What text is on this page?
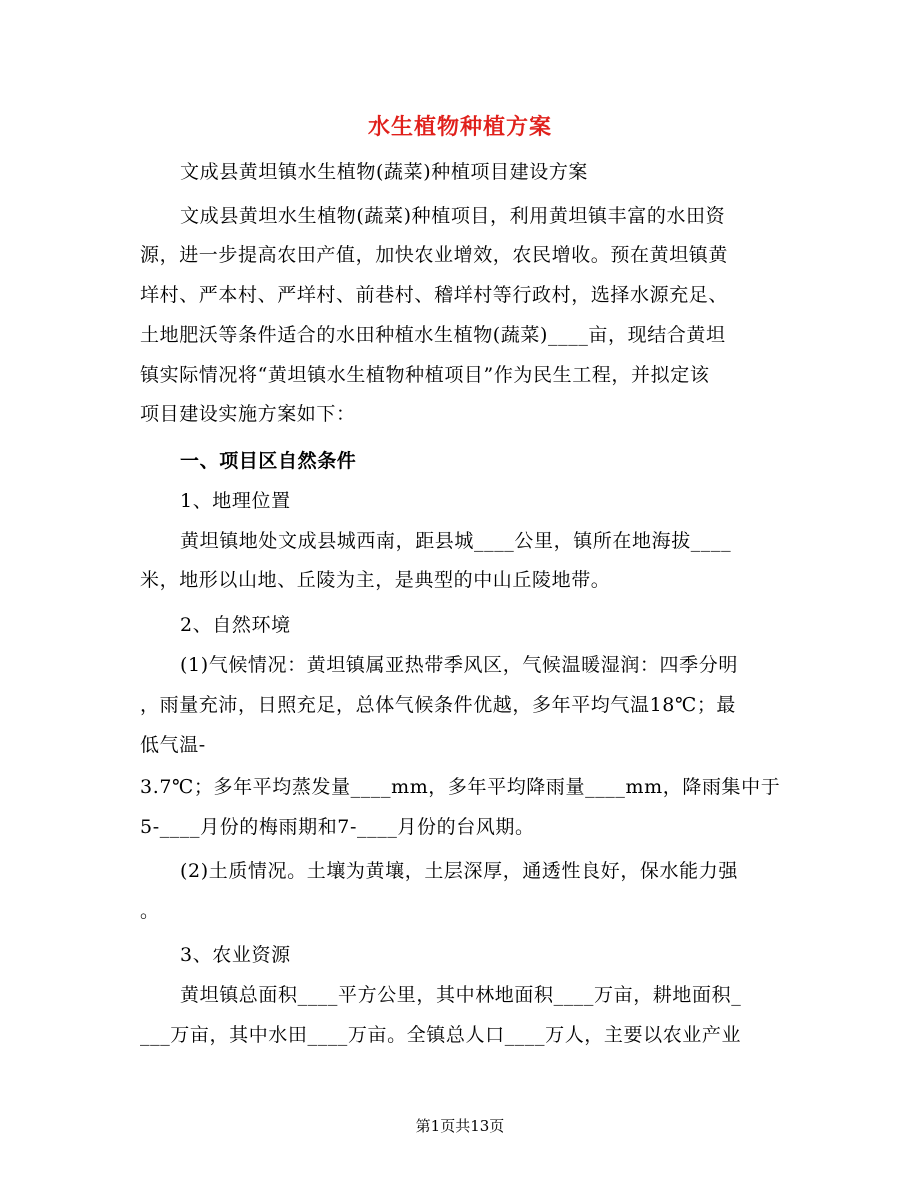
水生植物种植方案
文成县黄坦镇水生植物(蔬菜)种植项目建设方案
文成县黄坦水生植物(蔬菜)种植项目，利用黄坦镇丰富的水田资
源，进一步提高农田产值，加快农业增效，农民增收。预在黄坦镇黄
垟村、严本村、严垟村、前巷村、稽垟村等行政村，选择水源充足、
土地肥沃等条件适合的水田种植水生植物(蔬菜)____亩，现结合黄坦
镇实际情况将“黄坦镇水生植物种植项目”作为民生工程，并拟定该
项目建设实施方案如下：
一、项目区自然条件
1、地理位置
黄坦镇地处文成县城西南，距县城____公里，镇所在地海拔____
米，地形以山地、丘陵为主，是典型的中山丘陵地带。
2、自然环境
(1)气候情况：黄坦镇属亚热带季风区，气候温暖湿润：四季分明
，雨量充沛，日照充足，总体气候条件优越，多年平均气温18℃；最
低气温-
3.7℃；多年平均蒸发量____mm，多年平均降雨量____mm，降雨集中于
5-____月份的梅雨期和7-____月份的台风期。
(2)土质情况。土壤为黄壤，土层深厚，通透性良好，保水能力强
。
3、农业资源
黄坦镇总面积____平方公里，其中林地面积____万亩，耕地面积_
___万亩，其中水田____万亩。全镇总人口____万人，主要以农业产业
第1页共13页
